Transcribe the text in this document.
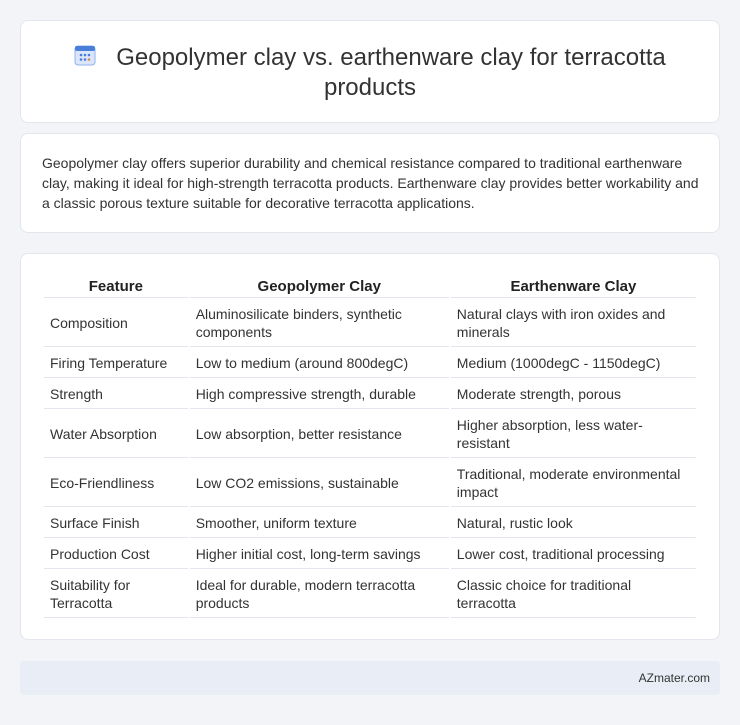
Geopolymer clay vs. earthenware clay for terracotta products

Geopolymer clay offers superior durability and chemical resistance compared to traditional earthenware clay, making it ideal for high-strength terracotta products. Earthenware clay provides better workability and a classic porous texture suitable for decorative terracotta applications.

Feature	Geopolymer Clay	Earthenware Clay
Composition	Aluminosilicate binders, synthetic components	Natural clays with iron oxides and minerals
Firing Temperature	Low to medium (around 800degC)	Medium (1000degC - 1150degC)
Strength	High compressive strength, durable	Moderate strength, porous
Water Absorption	Low absorption, better resistance	Higher absorption, less water-resistant
Eco-Friendliness	Low CO2 emissions, sustainable	Traditional, moderate environmental impact
Surface Finish	Smoother, uniform texture	Natural, rustic look
Production Cost	Higher initial cost, long-term savings	Lower cost, traditional processing
Suitability for Terracotta	Ideal for durable, modern terracotta products	Classic choice for traditional terracotta
AZmater.com
